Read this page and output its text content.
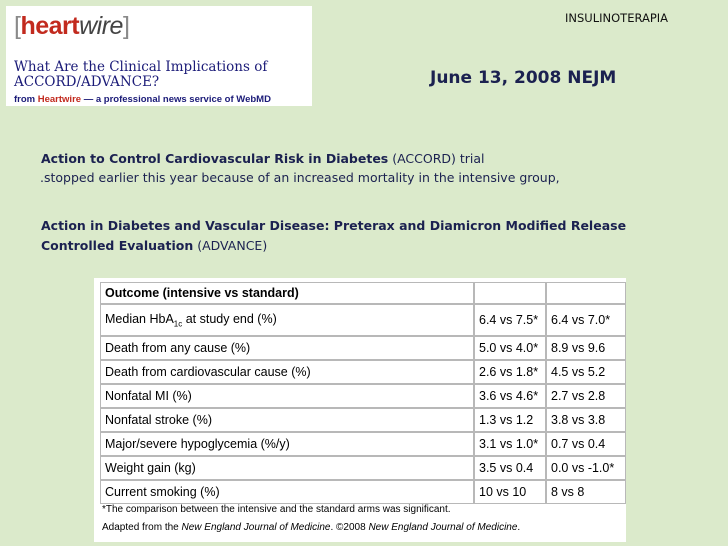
[heartwire]
What Are the Clinical Implications of
ACCORD/ADVANCE?
from Heartwire — a professional news service of WebMD
INSULINOTERAPIA
June 13, 2008 NEJM
Action to Control Cardiovascular Risk in Diabetes (ACCORD) trial
.stopped earlier this year because of an increased mortality in the intensive group,
Action in Diabetes and Vascular Disease: Preterax and Diamicron Modified Release Controlled Evaluation (ADVANCE)
Outcome (intensive vs standard)		
Median HbA$_{1c}$ at study end (%)	6.4 vs 7.5*	6.4 vs 7.0*
Death from any cause (%)	5.0 vs 4.0*	8.9 vs 9.6
Death from cardiovascular cause (%)	2.6 vs 1.8*	4.5 vs 5.2
Nonfatal MI (%)	3.6 vs 4.6*	2.7 vs 2.8
Nonfatal stroke (%)	1.3 vs 1.2	3.8 vs 3.8
Major/severe hypoglycemia (%/y)	3.1 vs 1.0*	0.7 vs 0.4
Weight gain (kg)	3.5 vs 0.4	0.0 vs -1.0*
Current smoking (%)	10 vs 10	8 vs 8
*The comparison between the intensive and the standard arms was significant.
Adapted from the New England Journal of Medicine. ©2008 New England Journal of Medicine.
